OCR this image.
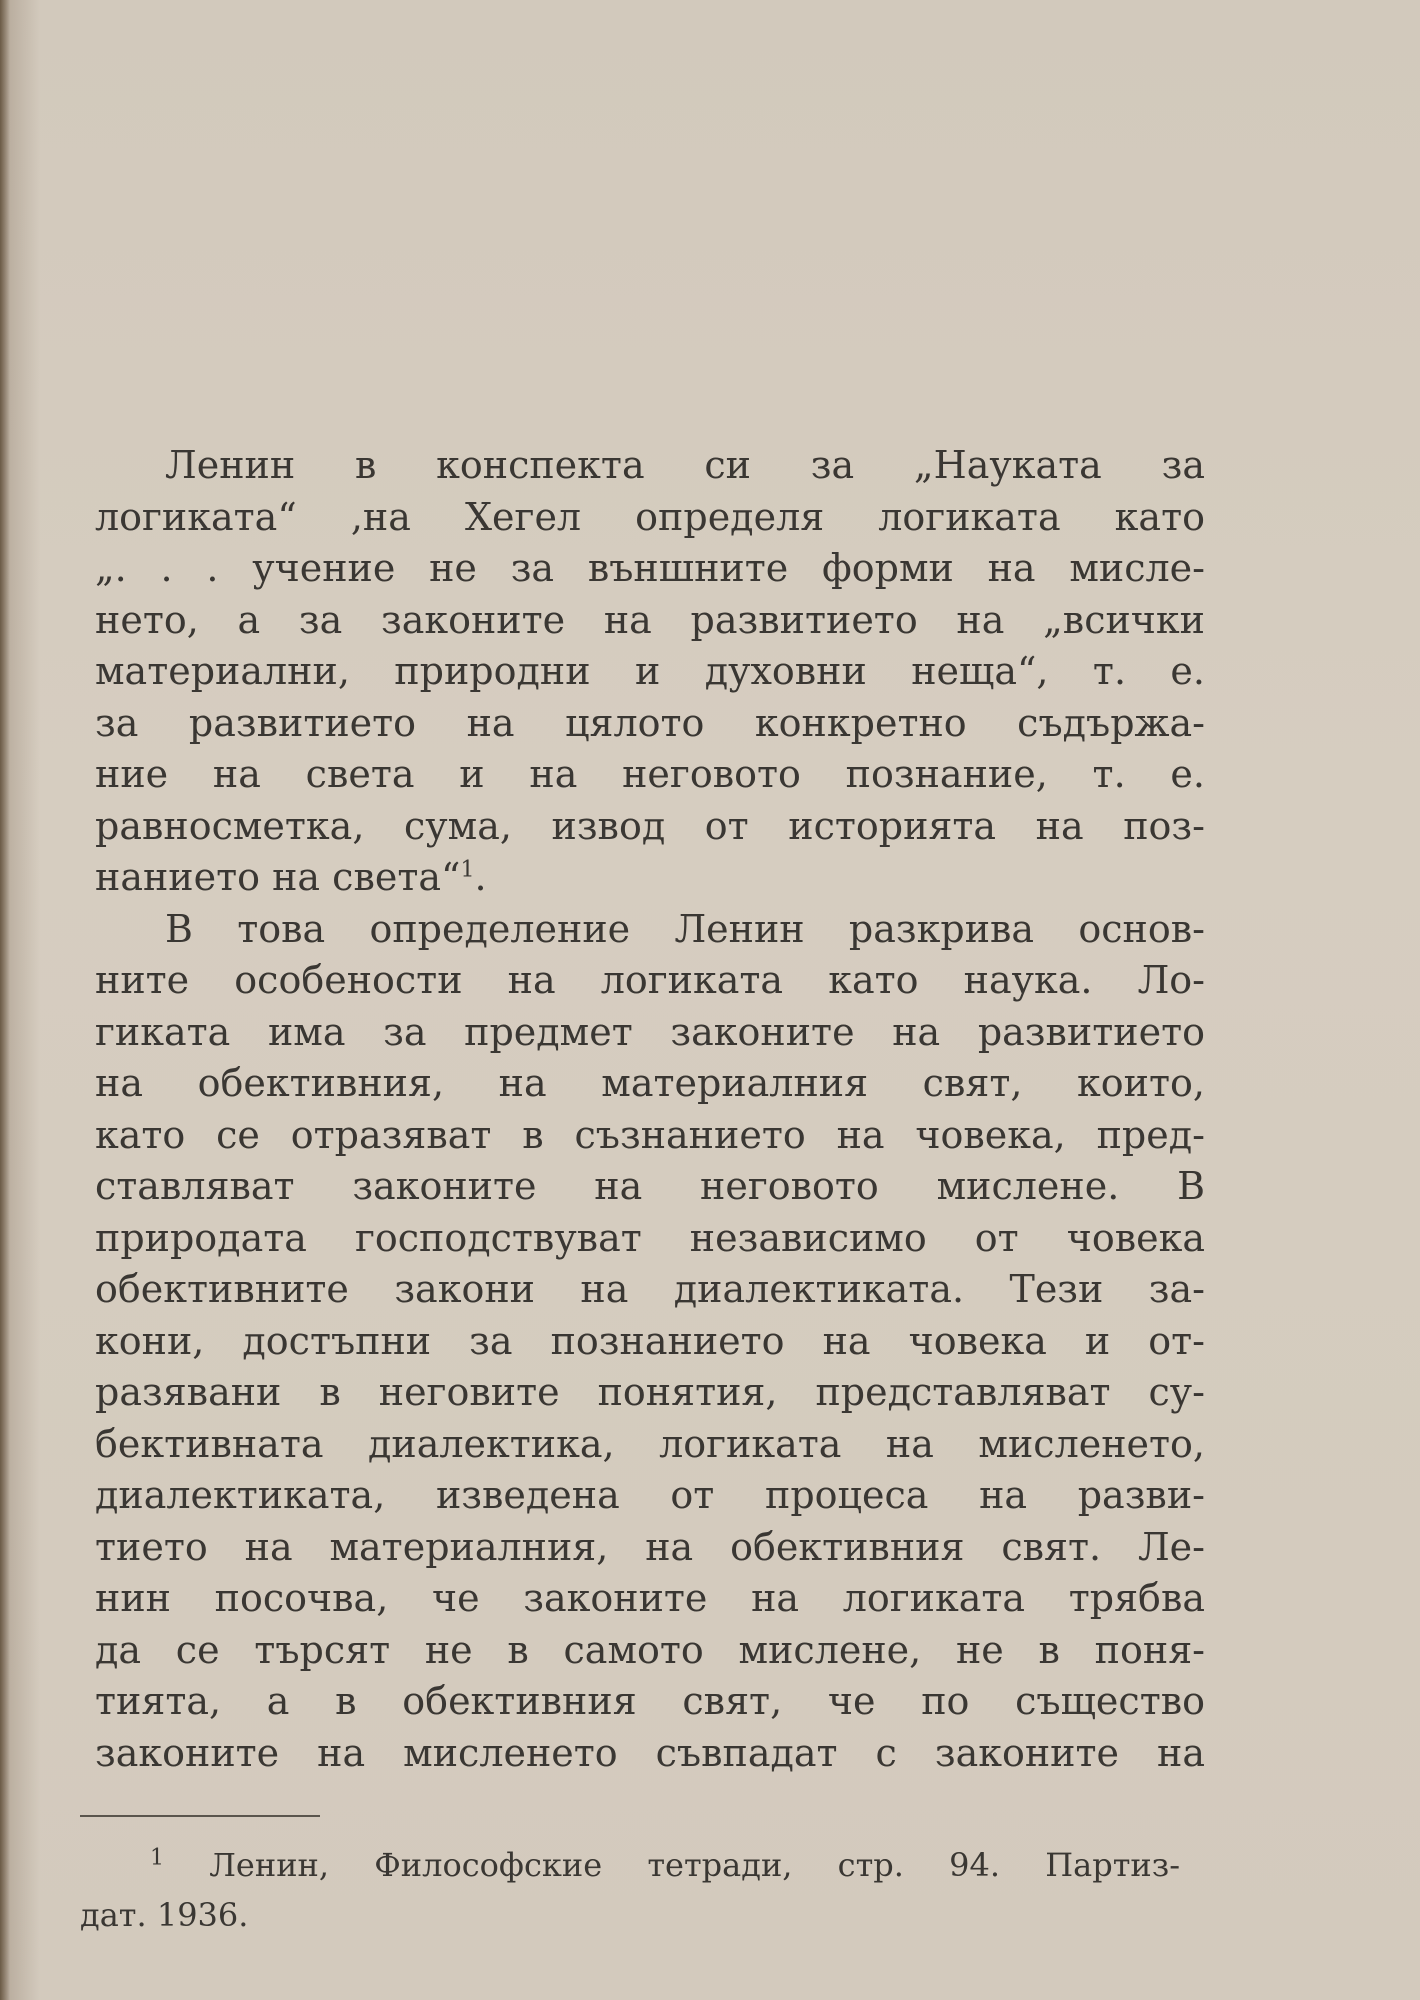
Ленин в конспекта си за „Науката за
логиката“ ,на Хегел определя логиката като
„. . . учение не за външните форми на мисле-
нето, а за законите на развитието на „всички
материални, природни и духовни неща“, т. е.
за развитието на цялото конкретно съдържа-
ние на света и на неговото познание, т. е.
равносметка, сума, извод от историята на поз-
нанието на света“$^1$.
В това определение Ленин разкрива основ-
ните особености на логиката като наука. Ло-
гиката има за предмет законите на развитието
на обективния, на материалния свят, които,
като се отразяват в съзнанието на човека, пред-
ставляват законите на неговото мислене. В
природата господствуват независимо от човека
обективните закони на диалектиката. Тези за-
кони, достъпни за познанието на човека и от-
разявани в неговите понятия, представляват су-
бективната диалектика, логиката на мисленето,
диалектиката, изведена от процеса на разви-
тието на материалния, на обективния свят. Ле-
нин посочва, че законите на логиката трябва
да се търсят не в самото мислене, не в поня-
тията, а в обективния свят, че по същество
законите на мисленето съвпадат с законите на
$^1$ Ленин, Философские тетради, стр. 94. Партиз-
дат. 1936.
